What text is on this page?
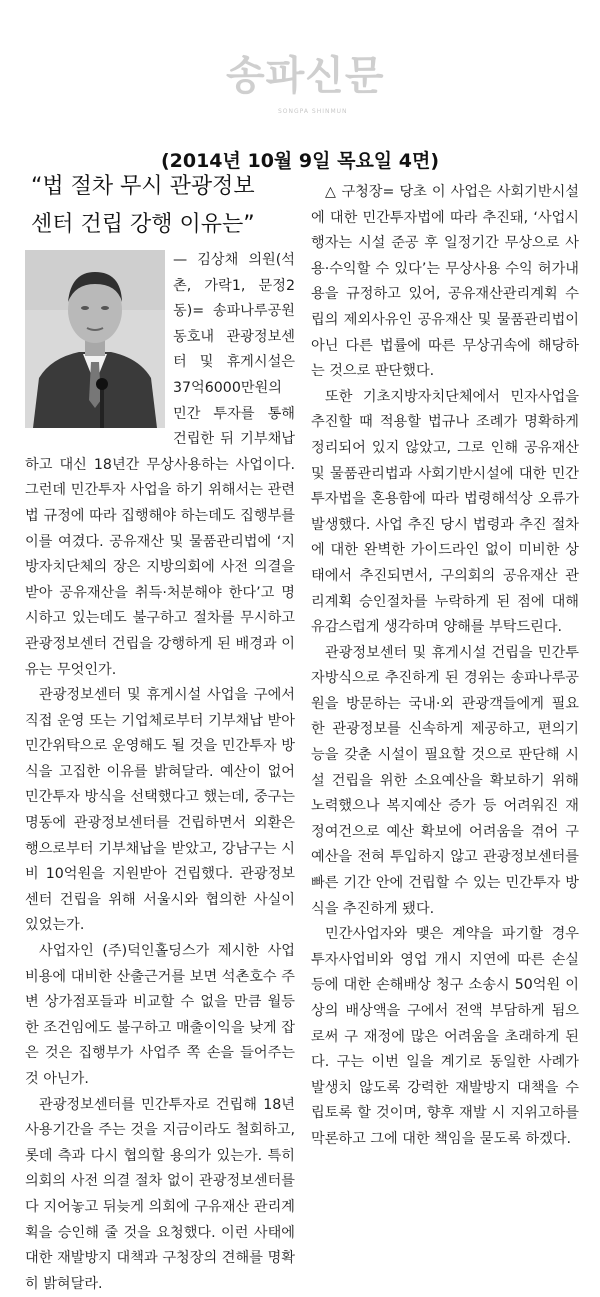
송파신문
SONGPA SHINMUN
(2014년 10월 9일 목요일 4면)
“법 절차 무시 관광정보
센터 건립 강행 이유는”

— 김상채 의원(석촌, 가락1, 문정2동)= 송파나루공원 동호내 관광정보센터 및 휴게시설은 37억6000만원의 민간 투자를 통해 건립한 뒤 기부채납하고 대신 18년간 무상사용하는 사업이다. 그런데 민간투자 사업을 하기 위해서는 관련 법 규정에 따라 집행해야 하는데도 집행부를 이를 여겼다. 공유재산 및 물품관리법에 ‘지방자치단체의 장은 지방의회에 사전 의결을 받아 공유재산을 취득·처분해야 한다’고 명시하고 있는데도 불구하고 절차를 무시하고 관광정보센터 건립을 강행하게 된 배경과 이유는 무엇인가.

관광정보센터 및 휴게시설 사업을 구에서 직접 운영 또는 기업체로부터 기부채납 받아 민간위탁으로 운영해도 될 것을 민간투자 방식을 고집한 이유를 밝혀달라. 예산이 없어 민간투자 방식을 선택했다고 했는데, 중구는 명동에 관광정보센터를 건립하면서 외환은행으로부터 기부채납을 받았고, 강남구는 시비 10억원을 지원받아 건립했다. 관광정보센터 건립을 위해 서울시와 협의한 사실이 있었는가.

사업자인 (주)덕인홀딩스가 제시한 사업비용에 대비한 산출근거를 보면 석촌호수 주변 상가점포들과 비교할 수 없을 만큼 월등한 조건임에도 불구하고 매출이익을 낮게 잡은 것은 집행부가 사업주 쪽 손을 들어주는 것 아닌가.

관광정보센터를 민간투자로 건립해 18년 사용기간을 주는 것을 지금이라도 철회하고, 롯데 측과 다시 협의할 용의가 있는가. 특히 의회의 사전 의결 절차 없이 관광정보센터를 다 지어놓고 뒤늦게 의회에 구유재산 관리계획을 승인해 줄 것을 요청했다. 이런 사태에 대한 재발방지 대책과 구청장의 견해를 명확히 밝혀달라.

△ 구청장= 당초 이 사업은 사회기반시설에 대한 민간투자법에 따라 추진돼, ‘사업시행자는 시설 준공 후 일정기간 무상으로 사용·수익할 수 있다’는 무상사용 수익 허가내용을 규정하고 있어, 공유재산관리계획 수립의 제외사유인 공유재산 및 물품관리법이 아닌 다른 법률에 따른 무상귀속에 해당하는 것으로 판단했다.

또한 기초지방자치단체에서 민자사업을 추진할 때 적용할 법규나 조례가 명확하게 정리되어 있지 않았고, 그로 인해 공유재산 및 물품관리법과 사회기반시설에 대한 민간투자법을 혼용함에 따라 법령해석상 오류가 발생했다. 사업 추진 당시 법령과 추진 절차에 대한 완벽한 가이드라인 없이 미비한 상태에서 추진되면서, 구의회의 공유재산 관리계획 승인절차를 누락하게 된 점에 대해 유감스럽게 생각하며 양해를 부탁드린다.

관광정보센터 및 휴게시설 건립을 민간투자방식으로 추진하게 된 경위는 송파나루공원을 방문하는 국내·외 관광객들에게 필요한 관광정보를 신속하게 제공하고, 편의기능을 갖춘 시설이 필요할 것으로 판단해 시설 건립을 위한 소요예산을 확보하기 위해 노력했으나 복지예산 증가 등 어려워진 재정여건으로 예산 확보에 어려움을 겪어 구 예산을 전혀 투입하지 않고 관광정보센터를 빠른 기간 안에 건립할 수 있는 민간투자 방식을 추진하게 됐다.

민간사업자와 맺은 계약을 파기할 경우 투자사업비와 영업 개시 지연에 따른 손실 등에 대한 손해배상 청구 소송시 50억원 이상의 배상액을 구에서 전액 부담하게 됨으로써 구 재정에 많은 어려움을 초래하게 된다. 구는 이번 일을 계기로 동일한 사례가 발생치 않도록 강력한 재발방지 대책을 수립토록 할 것이며, 향후 재발 시 지위고하를 막론하고 그에 대한 책임을 묻도록 하겠다.
